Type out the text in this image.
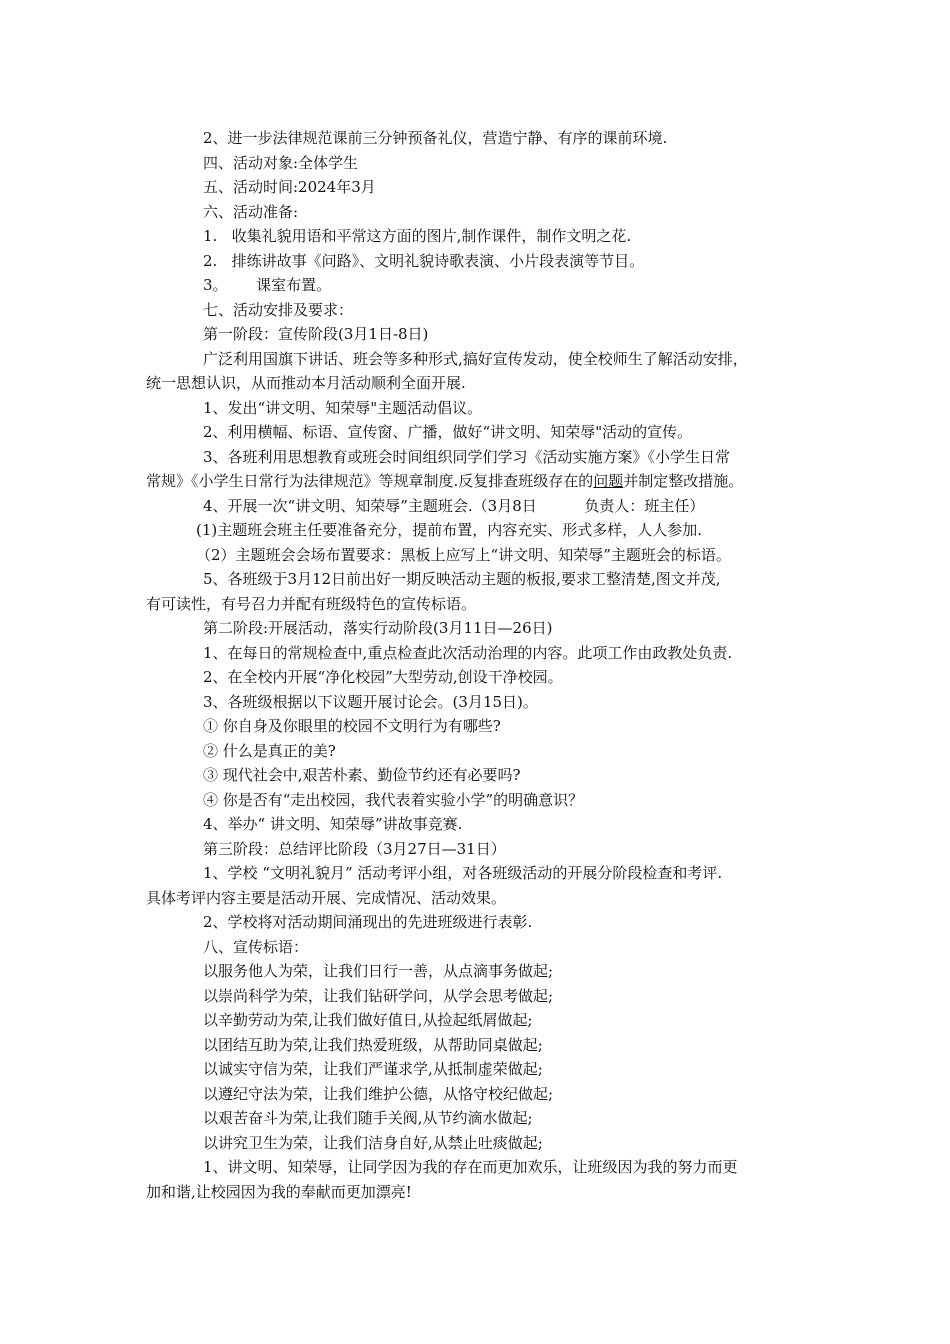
2、进一步法律规范课前三分钟预备礼仪，营造宁静、有序的课前环境.
四、活动对象:全体学生
五、活动时间:2024年3月
六、活动准备:
1.   收集礼貌用语和平常这方面的图片,制作课件，制作文明之花.
2.   排练讲故事《问路》、文明礼貌诗歌表演、小片段表演等节目。
3。      课室布置。
七、活动安排及要求：
第一阶段：宣传阶段(3月1日-8日)
广泛利用国旗下讲话、班会等多种形式,搞好宣传发动，使全校师生了解活动安排，
统一思想认识，从而推动本月活动顺利全面开展.
1、发出“讲文明、知荣辱"主题活动倡议。
2、利用横幅、标语、宣传窗、广播，做好“讲文明、知荣辱"活动的宣传。
3、各班利用思想教育或班会时间组织同学们学习《活动实施方案》《小学生日常
常规》《小学生日常行为法律规范》等规章制度.反复排查班级存在的问题并制定整改措施。
4、开展一次“讲文明、知荣辱”主题班会.（3月8日          负责人：班主任）
(1)主题班会班主任要准备充分，提前布置，内容充实、形式多样，人人参加.
（2）主题班会会场布置要求：黑板上应写上“讲文明、知荣辱”主题班会的标语。
5、各班级于3月12日前出好一期反映活动主题的板报,要求工整清楚,图文并茂,
有可读性，有号召力并配有班级特色的宣传标语。
第二阶段:开展活动，落实行动阶段(3月11日—26日)
1、在每日的常规检查中,重点检查此次活动治理的内容。此项工作由政教处负责.
2、在全校内开展“净化校园”大型劳动,创设干净校园。
3、各班级根据以下议题开展讨论会。(3月15日)。
① 你自身及你眼里的校园不文明行为有哪些?
② 什么是真正的美?
③ 现代社会中,艰苦朴素、勤俭节约还有必要吗?
④ 你是否有“走出校园，我代表着实验小学”的明确意识？
4、举办“ 讲文明、知荣辱”讲故事竞赛.
第三阶段：总结评比阶段（3月27日—31日）
1、学校 “文明礼貌月” 活动考评小组，对各班级活动的开展分阶段检查和考评.
具体考评内容主要是活动开展、完成情况、活动效果。
2、学校将对活动期间涌现出的先进班级进行表彰.
八、宣传标语：
以服务他人为荣，让我们日行一善，从点滴事务做起;
以崇尚科学为荣，让我们钻研学问，从学会思考做起;
以辛勤劳动为荣,让我们做好值日,从捡起纸屑做起;
以团结互助为荣,让我们热爱班级，从帮助同桌做起;
以诚实守信为荣，让我们严谨求学,从抵制虚荣做起;
以遵纪守法为荣，让我们维护公德，从恪守校纪做起;
以艰苦奋斗为荣,让我们随手关阀,从节约滴水做起;
以讲究卫生为荣，让我们洁身自好,从禁止吐痰做起;
1、讲文明、知荣辱，让同学因为我的存在而更加欢乐，让班级因为我的努力而更
加和谐,让校园因为我的奉献而更加漂亮!
